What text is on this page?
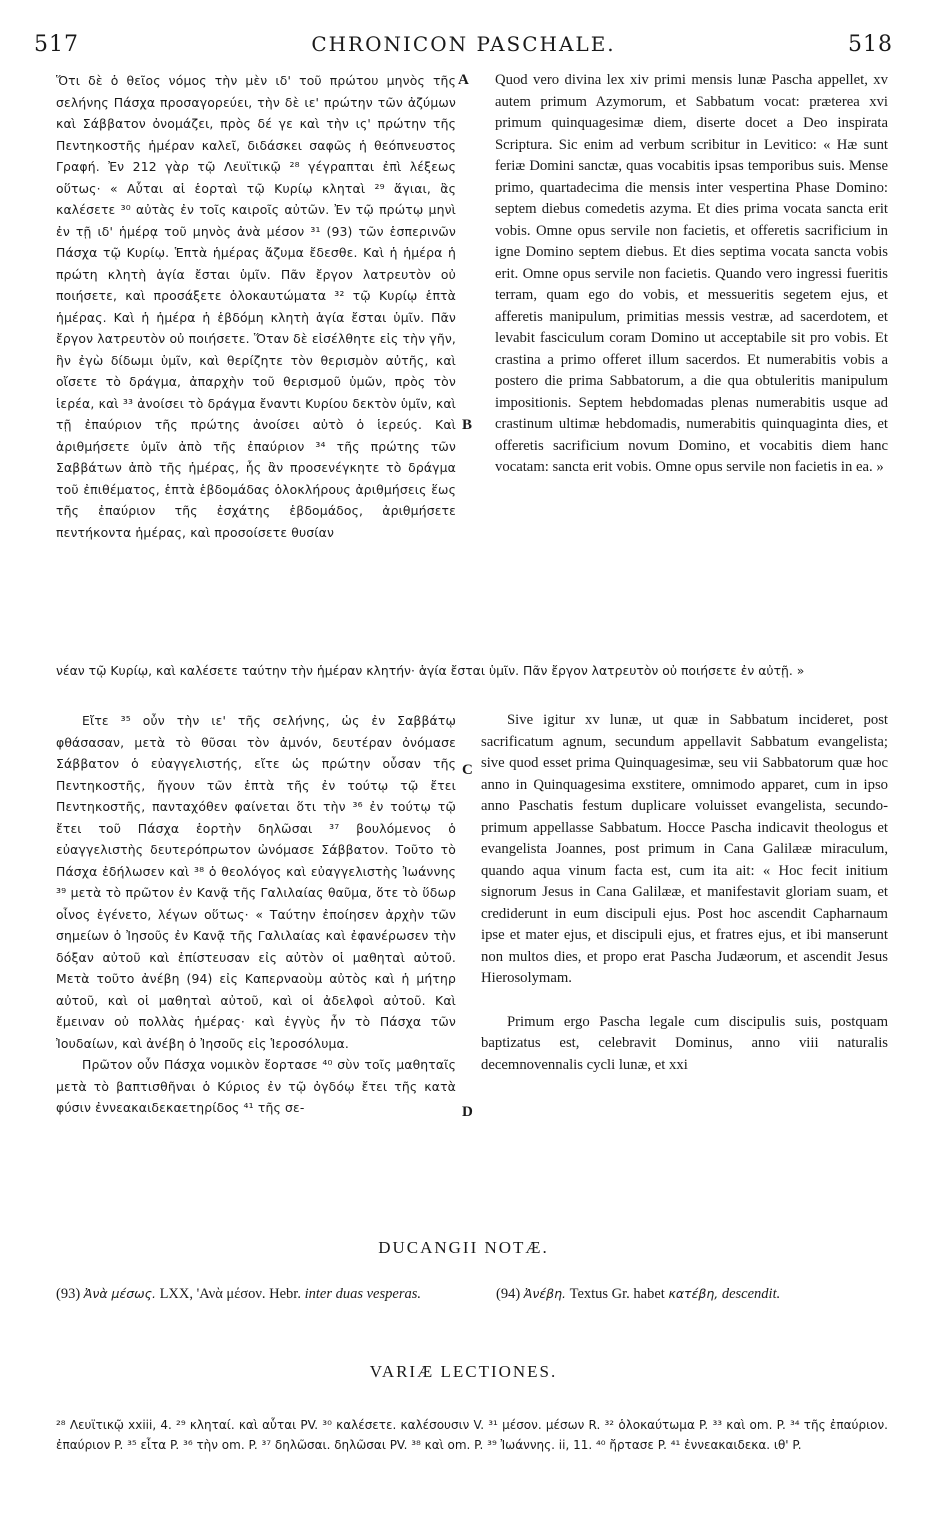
517	CHRONICON PASCHALE.	518

Ὅτι δὲ ὁ θεῖος νόμος τὴν μὲν ιδ' τοῦ πρώτου μηνὸς τῆς σελήνης Πάσχα προσαγορεύει, τὴν δὲ ιε' πρώτην τῶν ἀζύμων καὶ Σάββατον ὀνομάζει, πρὸς δέ γε καὶ τὴν ις' πρώτην τῆς Πεντηκοστῆς ἡμέραν καλεῖ, διδάσκει σαφῶς ἡ θεόπνευστος Γραφή. Ἐν 212 γὰρ τῷ Λευϊτικῷ ²⁸ γέγραπται ἐπὶ λέξεως οὕτως· « Αὗται αἱ ἑορταὶ τῷ Κυρίῳ κληταὶ ²⁹ ἅγιαι, ἃς καλέσετε ³⁰ αὐτὰς ἐν τοῖς καιροῖς αὐτῶν. Ἐν τῷ πρώτῳ μηνὶ ἐν τῇ ιδ' ἡμέρᾳ τοῦ μηνὸς ἀνὰ μέσον ³¹ (93) τῶν ἑσπερινῶν Πάσχα τῷ Κυρίῳ. Ἑπτὰ ἡμέρας ἄζυμα ἔδεσθε. Καὶ ἡ ἡμέρα ἡ πρώτη κλητὴ ἁγία ἔσται ὑμῖν. Πᾶν ἔργον λατρευτὸν οὐ ποιήσετε, καὶ προσάξετε ὁλοκαυτώματα ³² τῷ Κυρίῳ ἑπτὰ ἡμέρας. Καὶ ἡ ἡμέρα ἡ ἑβδόμη κλητὴ ἁγία ἔσται ὑμῖν. Πᾶν ἔργον λατρευτὸν οὐ ποιήσετε. Ὅταν δὲ εἰσέλθητε εἰς τὴν γῆν, ἣν ἐγὼ δίδωμι ὑμῖν, καὶ θερίζητε τὸν θερισμὸν αὐτῆς, καὶ οἴσετε τὸ δράγμα, ἀπαρχὴν τοῦ θερισμοῦ ὑμῶν, πρὸς τὸν ἱερέα, καὶ ³³ ἀνοίσει τὸ δράγμα ἔναντι Κυρίου δεκτὸν ὑμῖν, καὶ τῇ ἐπαύριον τῆς πρώτης ἀνοίσει αὐτὸ ὁ ἱερεύς. Καὶ ἀριθμήσετε ὑμῖν ἀπὸ τῆς ἐπαύριον ³⁴ τῆς πρώτης τῶν Σαββάτων ἀπὸ τῆς ἡμέρας, ἧς ἂν προσενέγκητε τὸ δράγμα τοῦ ἐπιθέματος, ἑπτὰ ἑβδομάδας ὁλοκλήρους ἀριθμήσεις ἕως τῆς ἐπαύριον τῆς ἐσχάτης ἑβδομάδος, ἀριθμήσετε πεντήκοντα ἡμέρας, καὶ προσοίσετε θυσίαν

Quod vero divina lex xiv primi mensis lunæ Pascha appellet, xv autem primum Azymorum, et Sabbatum vocat: præterea xvi primum quinquagesimæ diem, diserte docet a Deo inspirata Scriptura. Sic enim ad verbum scribitur in Levitico: « Hæ sunt feriæ Domini sanctæ, quas vocabitis ipsas temporibus suis. Mense primo, quartadecima die mensis inter vespertina Phase Domino: septem diebus comedetis azyma. Et dies prima vocata sancta erit vobis. Omne opus servile non facietis, et offeretis sacrificium in igne Domino septem diebus. Et dies septima vocata sancta vobis erit. Omne opus servile non facietis. Quando vero ingressi fueritis terram, quam ego do vobis, et messueritis segetem ejus, et afferetis manipulum, primitias messis vestræ, ad sacerdotem, et levabit fasciculum coram Domino ut acceptabile sit pro vobis. Et crastina a primo offeret illum sacerdos. Et numerabitis vobis a postero die prima Sabbatorum, a die qua obtuleritis manipulum impositionis. Septem hebdomadas plenas numerabitis usque ad crastinum ultimæ hebdomadis, numerabitis quinquaginta dies, et offeretis sacrificium novum Domino, et vocabitis diem hanc vocatam: sancta erit vobis. Omne opus servile non facietis in ea. »

A
B
C
D
νέαν τῷ Κυρίῳ, καὶ καλέσετε ταύτην τὴν ἡμέραν κλητήν· ἁγία ἔσται ὑμῖν. Πᾶν ἔργον λατρευτὸν οὐ ποιήσετε ἐν αὐτῇ. »

Εἴτε ³⁵ οὖν τὴν ιε' τῆς σελήνης, ὡς ἐν Σαββάτῳ φθάσασαν, μετὰ τὸ θῦσαι τὸν ἀμνόν, δευτέραν ὀνόμασε Σάββατον ὁ εὐαγγελιστής, εἴτε ὡς πρώτην οὖσαν τῆς Πεντηκοστῆς, ἤγουν τῶν ἑπτὰ τῆς ἐν τούτῳ τῷ ἔτει Πεντηκοστῆς, πανταχόθεν φαίνεται ὅτι τὴν ³⁶ ἐν τούτῳ τῷ ἔτει τοῦ Πάσχα ἑορτὴν δηλῶσαι ³⁷ βουλόμενος ὁ εὐαγγελιστὴς δευτερόπρωτον ὠνόμασε Σάββατον. Τοῦτο τὸ Πάσχα ἐδήλωσεν καὶ ³⁸ ὁ θεολόγος καὶ εὐαγγελιστὴς Ἰωάννης ³⁹ μετὰ τὸ πρῶτον ἐν Κανᾷ τῆς Γαλιλαίας θαῦμα, ὅτε τὸ ὕδωρ οἶνος ἐγένετο, λέγων οὕτως· « Ταύτην ἐποίησεν ἀρχὴν τῶν σημείων ὁ Ἰησοῦς ἐν Κανᾷ τῆς Γαλιλαίας καὶ ἐφανέρωσεν τὴν δόξαν αὐτοῦ καὶ ἐπίστευσαν εἰς αὐτὸν οἱ μαθηταὶ αὐτοῦ. Μετὰ τοῦτο ἀνέβη (94) εἰς Καπερναοὺμ αὐτὸς καὶ ἡ μήτηρ αὐτοῦ, καὶ οἱ μαθηταὶ αὐτοῦ, καὶ οἱ ἀδελφοὶ αὐτοῦ. Καὶ ἔμειναν οὐ πολλὰς ἡμέρας· καὶ ἐγγὺς ἦν τὸ Πάσχα τῶν Ἰουδαίων, καὶ ἀνέβη ὁ Ἰησοῦς εἰς Ἱεροσόλυμα.

Πρῶτον οὖν Πάσχα νομικὸν ἔορτασε ⁴⁰ σὺν τοῖς μαθηταῖς μετὰ τὸ βαπτισθῆναι ὁ Κύριος ἐν τῷ ὀγδόῳ ἔτει τῆς κατὰ φύσιν ἐννεακαιδεκαετηρίδος ⁴¹ τῆς σε-

Sive igitur xv lunæ, ut quæ in Sabbatum incideret, post sacrificatum agnum, secundum appellavit Sabbatum evangelista; sive quod esset prima Quinquagesimæ, seu vii Sabbatorum quæ hoc anno in Quinquagesima exstitere, omnimodo apparet, cum in ipso anno Paschatis festum duplicare voluisset evangelista, secundo-primum appellasse Sabbatum. Hocce Pascha indicavit theologus et evangelista Joannes, post primum in Cana Galilææ miraculum, quando aqua vinum facta est, cum ita ait: « Hoc fecit initium signorum Jesus in Cana Galilææ, et manifestavit gloriam suam, et crediderunt in eum discipuli ejus. Post hoc ascendit Capharnaum ipse et mater ejus, et discipuli ejus, et fratres ejus, et ibi manserunt non multos dies, et propo erat Pascha Judæorum, et ascendit Jesus Hierosolymam.

Primum ergo Pascha legale cum discipulis suis, postquam baptizatus est, celebravit Dominus, anno viii naturalis decemnovennalis cycli lunæ, et xxi

DUCANGII NOTÆ.
(93) Ἀνὰ μέσως. LXX, 'Ανὰ μέσον. Hebr. inter duas vesperas.	(94) Ἀνέβη. Textus Gr. habet κατέβη, descendit.
VARIÆ LECTIONES.
²⁸ Λευϊτικῷ xxiii, 4. ²⁹ κληταί. καὶ αὗται PV. ³⁰ καλέσετε. καλέσουσιν V. ³¹ μέσον. μέσων R. ³² ὁλοκαύτωμα P. ³³ καὶ om. P. ³⁴ τῆς ἐπαύριον. ἐπαύριον P. ³⁵ εἶτα P. ³⁶ τὴν om. P. ³⁷ δηλῶσαι. δηλῶσαι PV. ³⁸ καὶ om. P. ³⁹ Ἰωάννης. ii, 11. ⁴⁰ ἤρτασε P. ⁴¹ ἐννεακαιδεκα. ιθ' P.
